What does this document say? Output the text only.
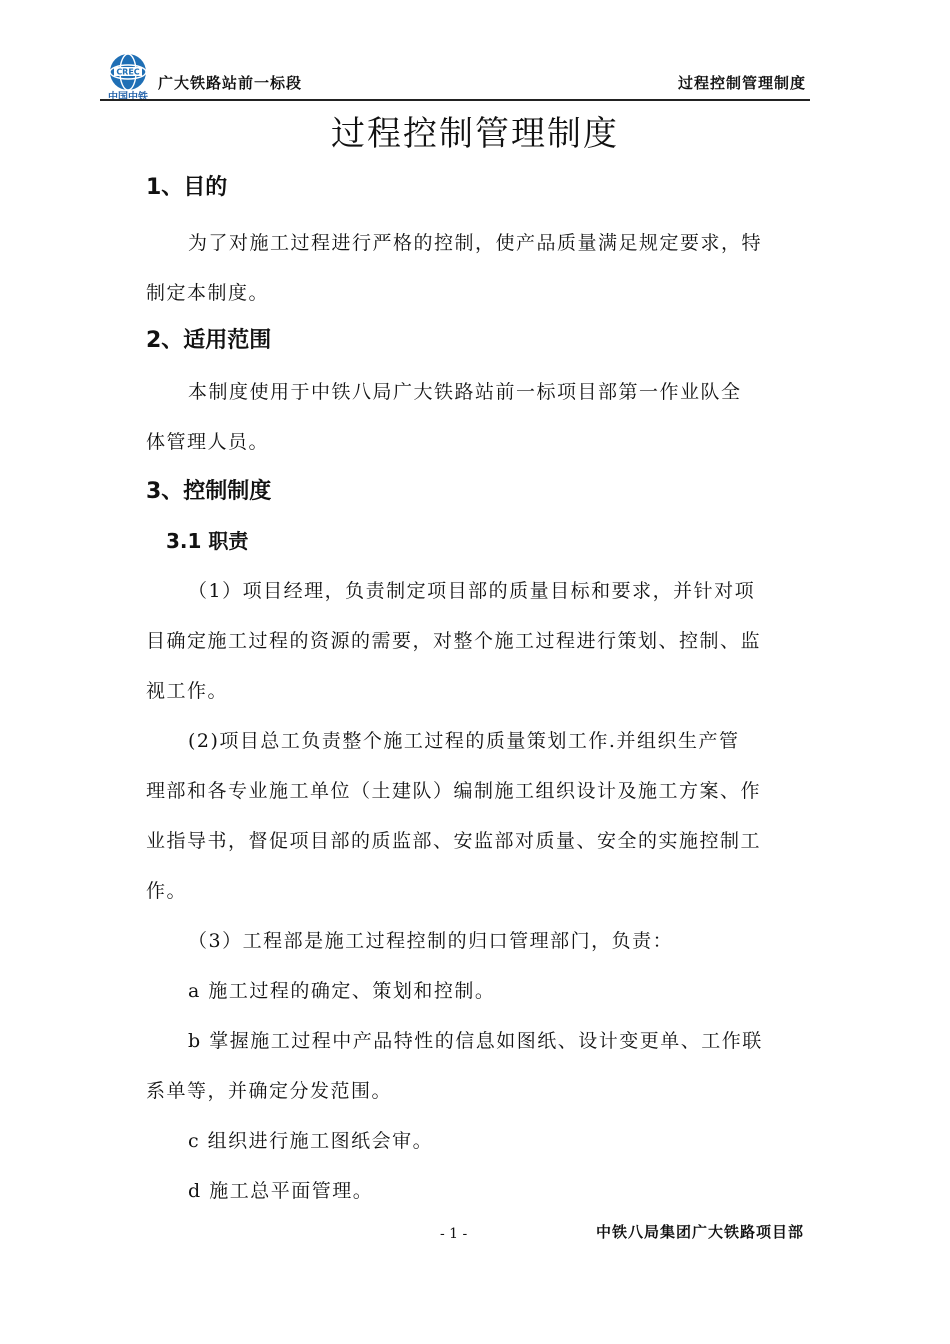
CREC
中国中铁
广大铁路站前一标段	过程控制管理制度
过程控制管理制度
1、目的
为了对施工过程进行严格的控制，使产品质量满足规定要求，特
制定本制度。
2、适用范围
本制度使用于中铁八局广大铁路站前一标项目部第一作业队全
体管理人员。
3、控制制度
3.1 职责
（1）项目经理，负责制定项目部的质量目标和要求，并针对项
目确定施工过程的资源的需要，对整个施工过程进行策划、控制、监
视工作。
(2)项目总工负责整个施工过程的质量策划工作.并组织生产管
理部和各专业施工单位（土建队）编制施工组织设计及施工方案、作
业指导书，督促项目部的质监部、安监部对质量、安全的实施控制工
作。
（3）工程部是施工过程控制的归口管理部门，负责：
a 施工过程的确定、策划和控制。
b 掌握施工过程中产品特性的信息如图纸、设计变更单、工作联
系单等，并确定分发范围。
c 组织进行施工图纸会审。
d 施工总平面管理。
- 1 -	中铁八局集团广大铁路项目部
